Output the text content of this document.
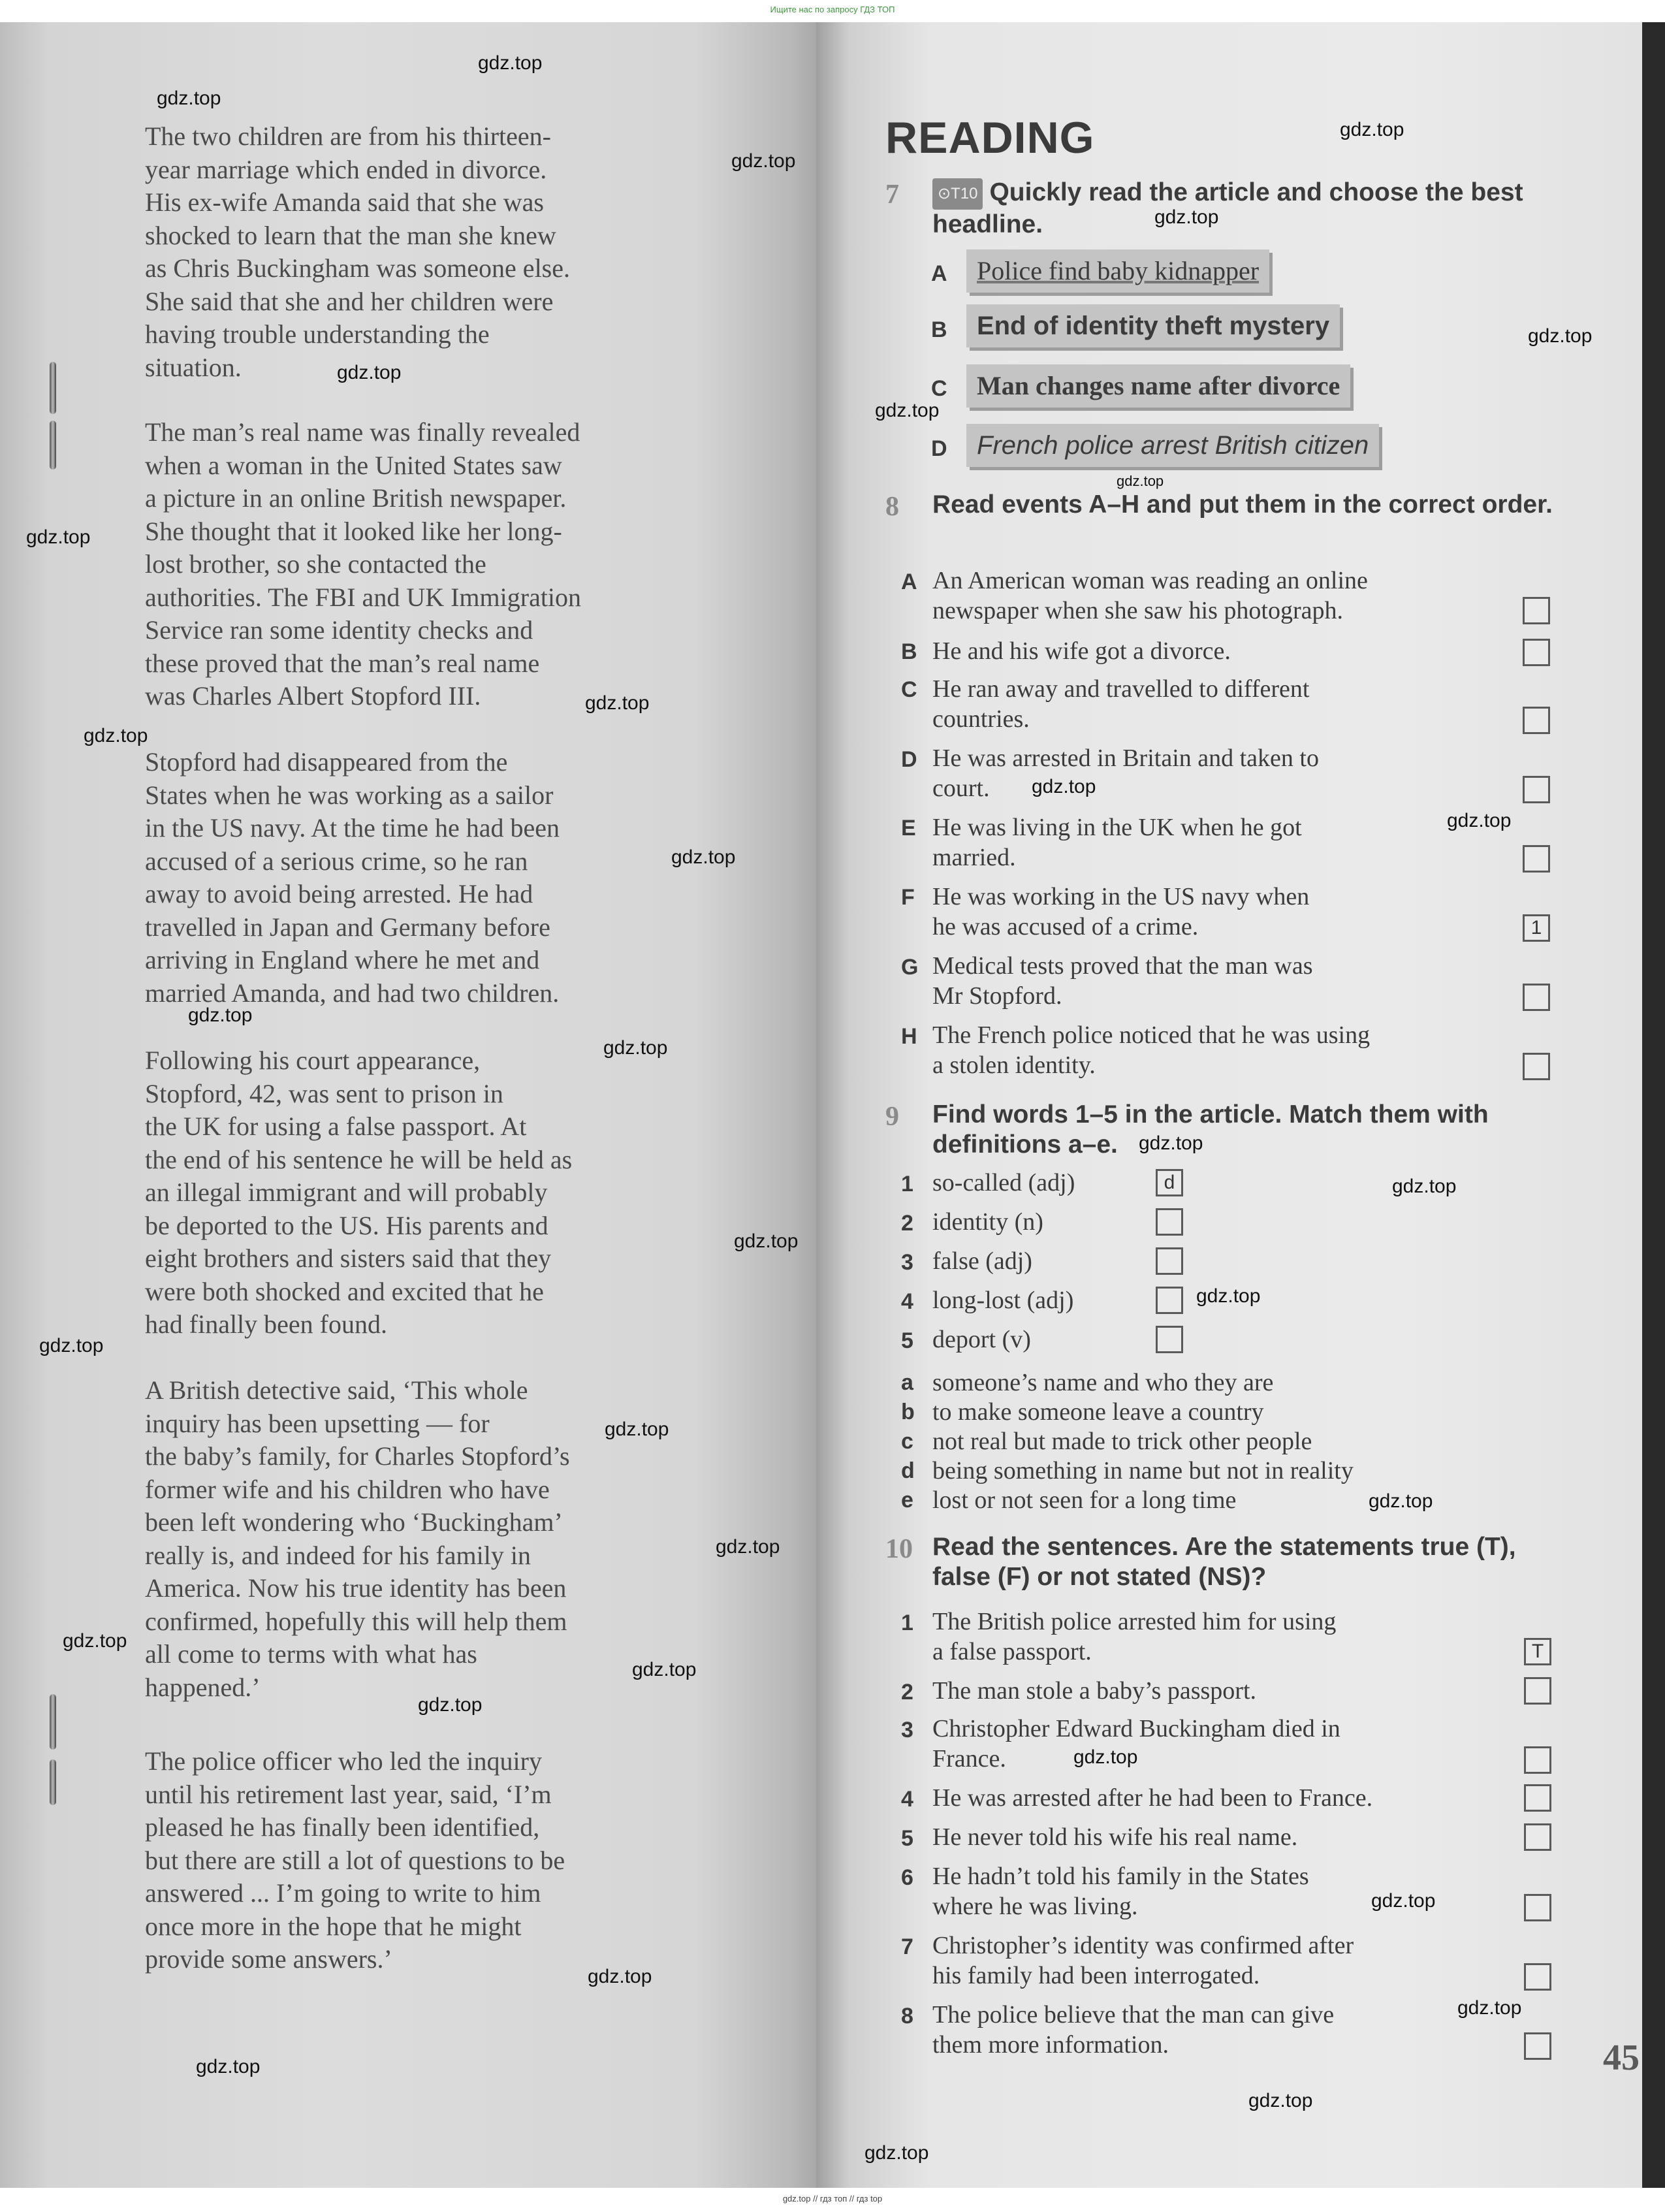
Ищите нас по запросу ГДЗ ТОП

The two children are from his thirteen-
year marriage which ended in divorce.
His ex-wife Amanda said that she was
shocked to learn that the man she knew
as Chris Buckingham was someone else.
She said that she and her children were
having trouble understanding the
situation.

The man’s real name was finally revealed
when a woman in the United States saw
a picture in an online British newspaper.
She thought that it looked like her long-
lost brother, so she contacted the
authorities. The FBI and UK Immigration
Service ran some identity checks and
these proved that the man’s real name
was Charles Albert Stopford III.

Stopford had disappeared from the
States when he was working as a sailor
in the US navy. At the time he had been
accused of a serious crime, so he ran
away to avoid being arrested. He had
travelled in Japan and Germany before
arriving in England where he met and
married Amanda, and had two children.

Following his court appearance,
Stopford, 42, was sent to prison in
the UK for using a false passport. At
the end of his sentence he will be held as
an illegal immigrant and will probably
be deported to the US. His parents and
eight brothers and sisters said that they
were both shocked and excited that he
had finally been found.

A British detective said, ‘This whole
inquiry has been upsetting — for
the baby’s family, for Charles Stopford’s
former wife and his children who have
been left wondering who ‘Buckingham’
really is, and indeed for his family in
America. Now his true identity has been
confirmed, hopefully this will help them
all come to terms with what has
happened.’

The police officer who led the inquiry
until his retirement last year, said, ‘I’m
pleased he has finally been identified,
but there are still a lot of questions to be
answered ... I’m going to write to him
once more in the hope that he might
provide some answers.’

READING
7	⊙T10 Quickly read the article and choose the best headline.
A	Police find baby kidnapper
B	End of identity theft mystery
C	Man changes name after divorce
D	French police arrest British citizen
8 Read events A–H and put them in the correct order.
A An American woman was reading an online
newspaper when she saw his photograph.
B He and his wife got a divorce.
C He ran away and travelled to different
countries.
D He was arrested in Britain and taken to
court.
E He was living in the UK when he got
married.
F He was working in the US navy when
he was accused of a crime.	1
G Medical tests proved that the man was
Mr Stopford.
H The French police noticed that he was using
a stolen identity.
9 Find words 1–5 in the article. Match them with definitions a–e.
1 so-called (adj)	d
2 identity (n)
3 false (adj)
4 long-lost (adj)
5 deport (v)
a someone’s name and who they are
b to make someone leave a country
c not real but made to trick other people
d being something in name but not in reality
e lost or not seen for a long time
10 Read the sentences. Are the statements true (T), false (F) or not stated (NS)?
1 The British police arrested him for using
a false passport.	T
2 The man stole a baby’s passport.
3 Christopher Edward Buckingham died in
France.
4 He was arrested after he had been to France.
5 He never told his wife his real name.
6 He hadn’t told his family in the States
where he was living.
7 Christopher’s identity was confirmed after
his family had been interrogated.
8 The police believe that the man can give
them more information.	45
gdz.top
gdz.top
gdz.top
gdz.top
gdz.top
gdz.top
gdz.top
gdz.top
gdz.top
gdz.top
gdz.top
gdz.top
gdz.top
gdz.top
gdz.top
gdz.top
gdz.top
gdz.top
gdz.top
gdz.top
gdz.top
gdz.top
gdz.top
gdz.top
gdz.top
gdz.top
gdz.top
gdz.top
gdz.top
gdz.top
gdz.top
gdz.top
gdz.top
gdz.top
gdz.top
gdz.top // гдз топ // гдз top
